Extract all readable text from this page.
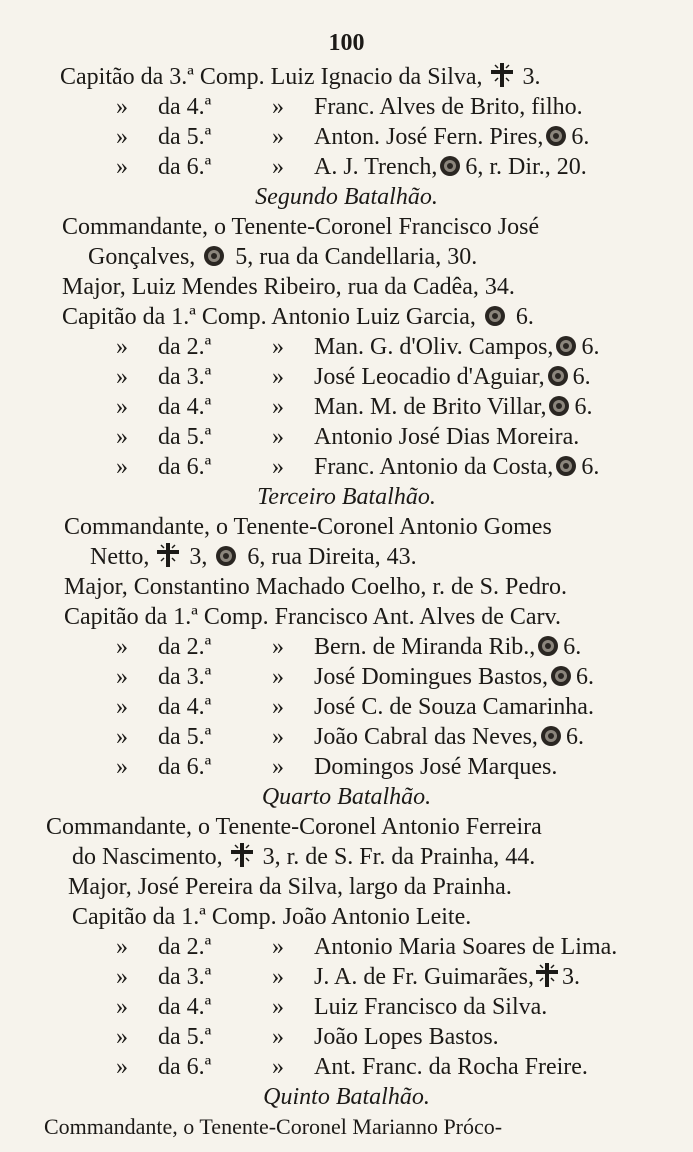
100
Capitão da 3.ª Comp. Luiz Ignacio da Silva, 3.
»	da 4.ª	»	Franc. Alves de Brito, filho.
»	da 5.ª	»	Anton. José Fern. Pires, 6.
»	da 6.ª	»	A. J. Trench, 6, r. Dir., 20.
Segundo Batalhão.
Commandante, o Tenente-Coronel Francisco José
Gonçalves, 5, rua da Candellaria, 30.
Major, Luiz Mendes Ribeiro, rua da Cadêa, 34.
Capitão da 1.ª Comp. Antonio Luiz Garcia, 6.
»	da 2.ª	»	Man. G. d'Oliv. Campos, 6.
»	da 3.ª	»	José Leocadio d'Aguiar, 6.
»	da 4.ª	»	Man. M. de Brito Villar, 6.
»	da 5.ª	»	Antonio José Dias Moreira.
»	da 6.ª	»	Franc. Antonio da Costa, 6.
Terceiro Batalhão.
Commandante, o Tenente-Coronel Antonio Gomes
Netto, 3, 6, rua Direita, 43.
Major, Constantino Machado Coelho, r. de S. Pedro.
Capitão da 1.ª Comp. Francisco Ant. Alves de Carv.
»	da 2.ª	»	Bern. de Miranda Rib., 6.
»	da 3.ª	»	José Domingues Bastos, 6.
»	da 4.ª	»	José C. de Souza Camarinha.
»	da 5.ª	»	João Cabral das Neves, 6.
»	da 6.ª	»	Domingos José Marques.
Quarto Batalhão.
Commandante, o Tenente-Coronel Antonio Ferreira
do Nascimento, 3, r. de S. Fr. da Prainha, 44.
Major, José Pereira da Silva, largo da Prainha.
Capitão da 1.ª Comp. João Antonio Leite.
»	da 2.ª	»	Antonio Maria Soares de Lima.
»	da 3.ª	»	J. A. de Fr. Guimarães, 3.
»	da 4.ª	»	Luiz Francisco da Silva.
»	da 5.ª	»	João Lopes Bastos.
»	da 6.ª	»	Ant. Franc. da Rocha Freire.
Quinto Batalhão.
Commandante, o Tenente-Coronel Marianno Próco-
